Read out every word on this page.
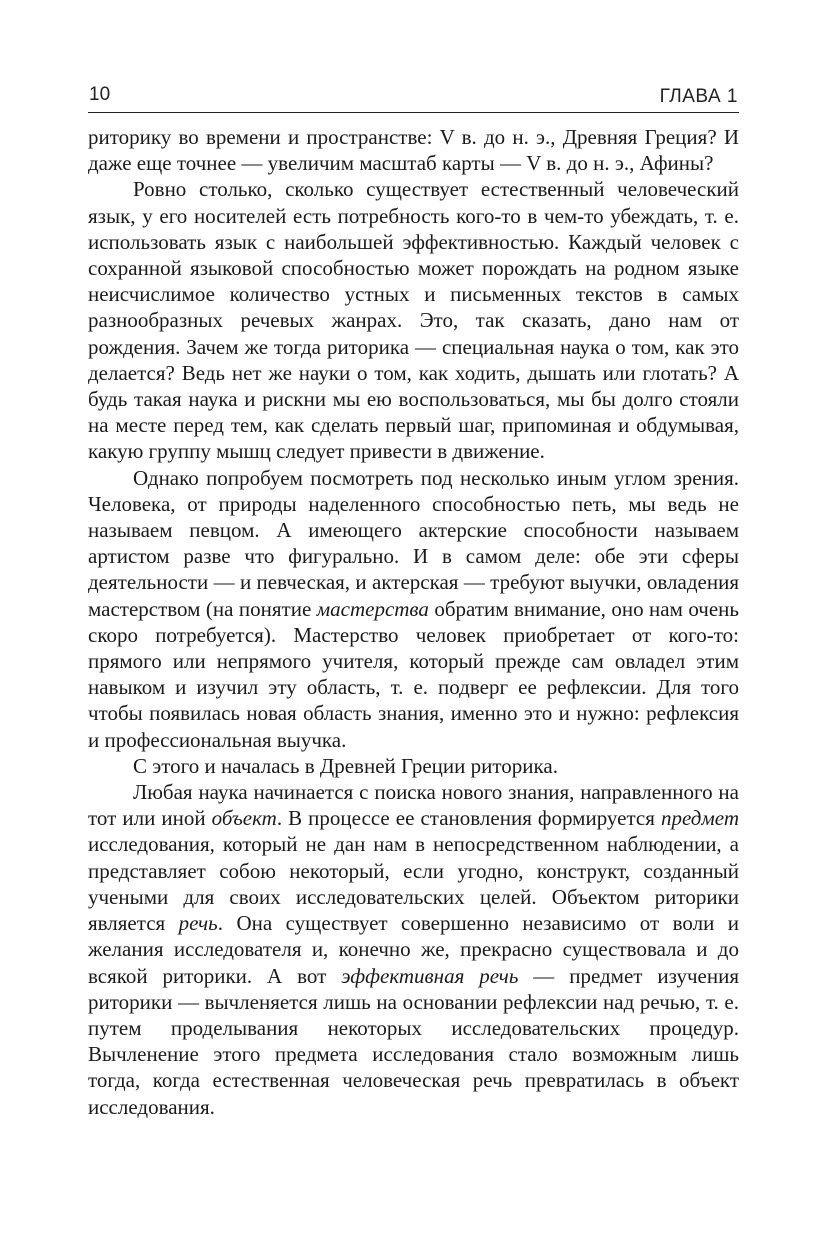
10	ГЛАВА 1

риторику во времени и пространстве: V в. до н. э., Древняя Греция? И даже еще точнее — увеличим масштаб карты — V в. до н. э., Афины?

Ровно столько, сколько существует естественный человеческий язык, у его носителей есть потребность кого-то в чем-то убеждать, т. е. использовать язык с наибольшей эффективностью. Каждый человек с сохранной языковой способностью может порождать на родном языке неисчислимое количество устных и письменных текстов в самых разнообразных речевых жанрах. Это, так сказать, дано нам от рождения. Зачем же тогда риторика — специальная наука о том, как это делается? Ведь нет же науки о том, как ходить, дышать или глотать? А будь такая наука и рискни мы ею воспользоваться, мы бы долго стояли на месте перед тем, как сделать первый шаг, припоминая и обдумывая, какую группу мышц следует привести в движение.

Однако попробуем посмотреть под несколько иным углом зрения. Человека, от природы наделенного способностью петь, мы ведь не называем певцом. А имеющего актерские способности называем артистом разве что фигурально. И в самом деле: обе эти сферы деятельности — и певческая, и актерская — требуют выучки, овладения мастерством (на понятие мастерства обратим внимание, оно нам очень скоро потребуется). Мастерство человек приобретает от кого-то: прямого или непрямого учителя, который прежде сам овладел этим навыком и изучил эту область, т. е. подверг ее рефлексии. Для того чтобы появилась новая область знания, именно это и нужно: рефлексия и профессиональная выучка.

С этого и началась в Древней Греции риторика.

Любая наука начинается с поиска нового знания, направленного на тот или иной объект. В процессе ее становления формируется предмет исследования, который не дан нам в непосредственном наблюдении, а представляет собою некоторый, если угодно, конструкт, созданный учеными для своих исследовательских целей. Объектом риторики является речь. Она существует совершенно независимо от воли и желания исследователя и, конечно же, прекрасно существовала и до всякой риторики. А вот эффективная речь — предмет изучения риторики — вычленяется лишь на основании рефлексии над речью, т. е. путем проделывания некоторых исследовательских процедур. Вычленение этого предмета исследования стало возможным лишь тогда, когда естественная человеческая речь превратилась в объект исследования.
